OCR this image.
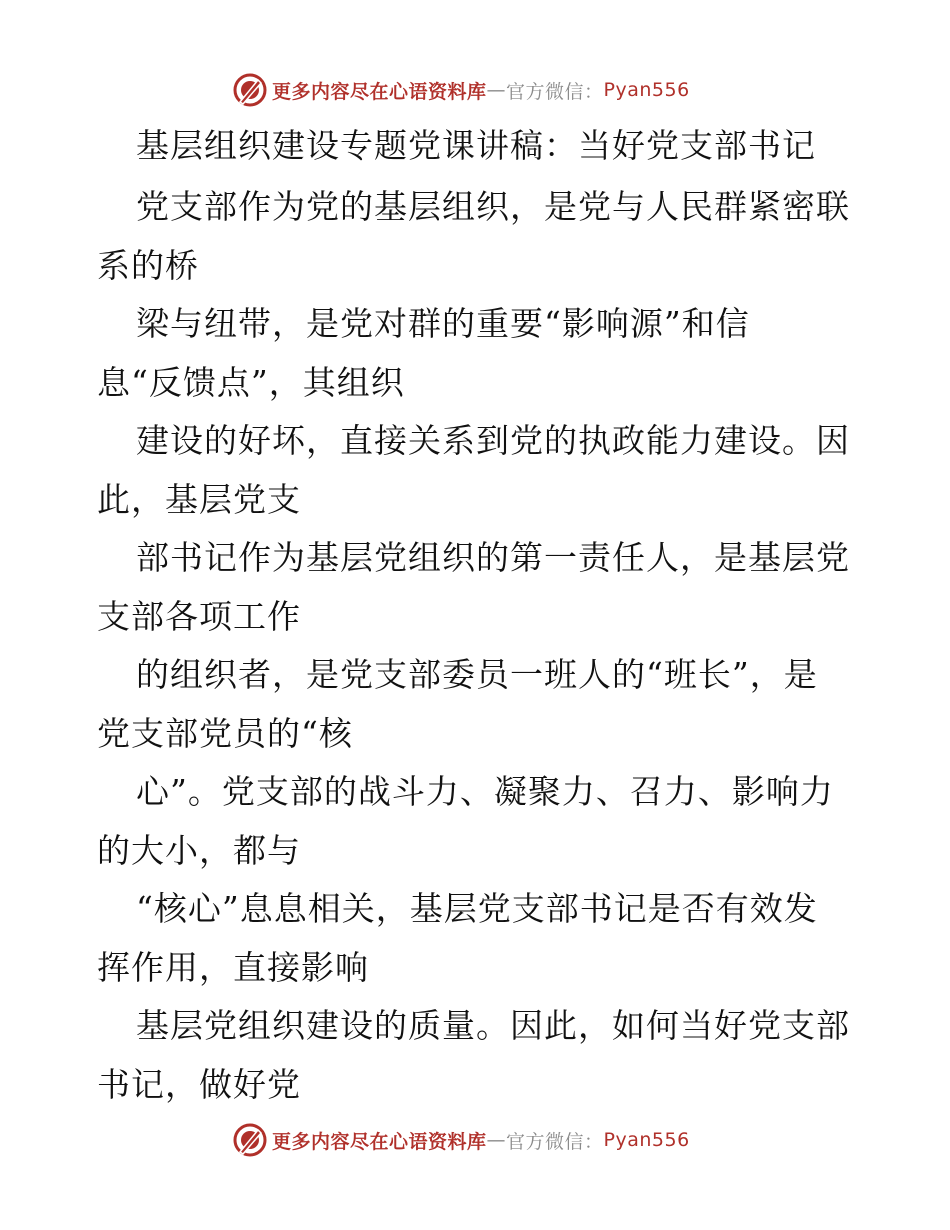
更多内容尽在心语资料库 — 官方微信： Pyan556
基层组织建设专题党课讲稿：当好党支部书记
党支部作为党的基层组织，是党与人民群紧密联
系的桥
梁与纽带，是党对群的重要“影响源”和信
息“反馈点”，其组织
建设的好坏，直接关系到党的执政能力建设。因
此，基层党支
部书记作为基层党组织的第一责任人，是基层党
支部各项工作
的组织者，是党支部委员一班人的“班长”，是
党支部党员的“核
心”。党支部的战斗力、凝聚力、召力、影响力
的大小，都与
“核心”息息相关，基层党支部书记是否有效发
挥作用，直接影响
基层党组织建设的质量。因此，如何当好党支部
书记，做好党
更多内容尽在心语资料库 — 官方微信： Pyan556
